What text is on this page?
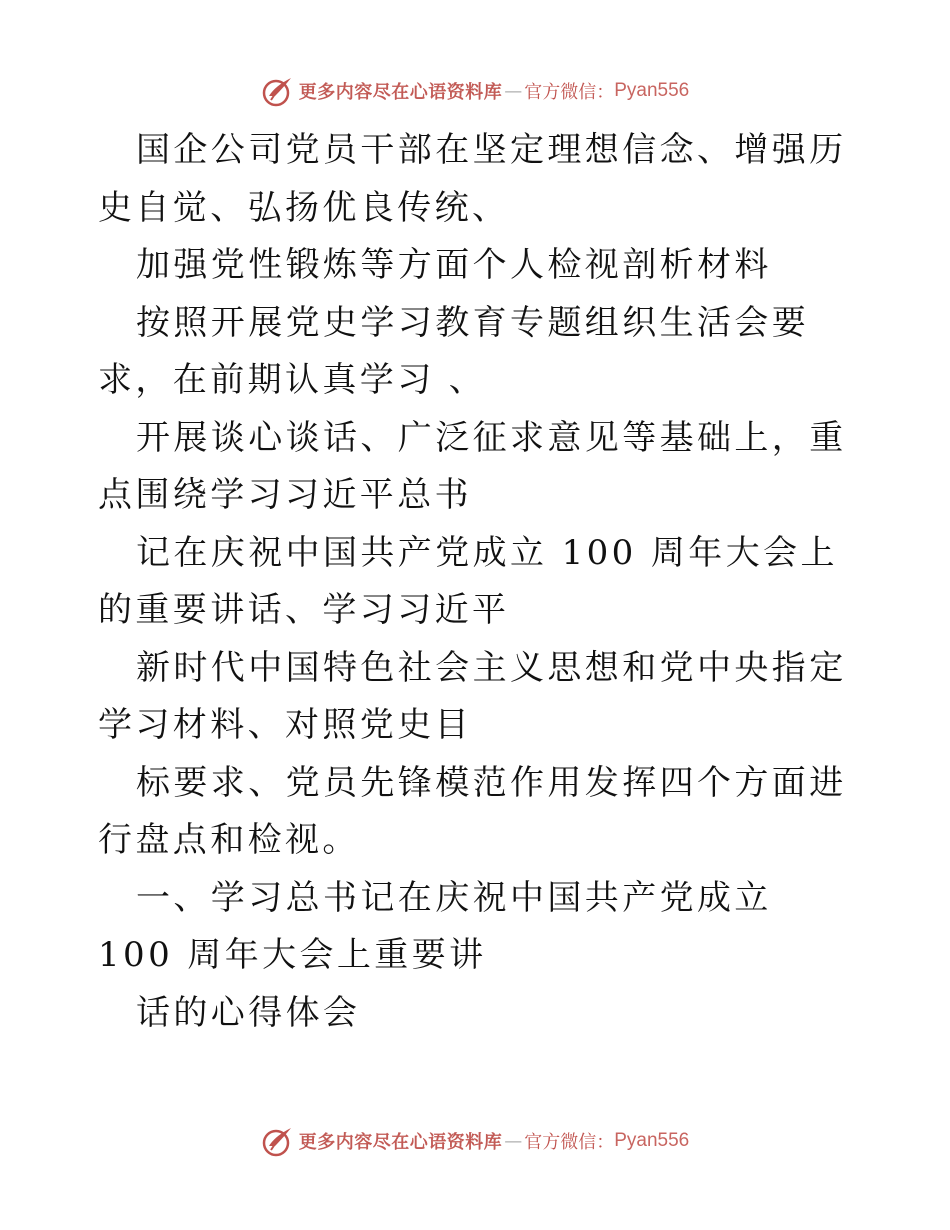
更多内容尽在心语资料库 — 官方微信： Pyan556

国企公司党员干部在坚定理想信念、增强历史自觉、弘扬优良传统、

加强党性锻炼等方面个人检视剖析材料

按照开展党史学习教育专题组织生活会要求，在前期认真学习 、

开展谈心谈话、广泛征求意见等基础上，重点围绕学习习近平总书

记在庆祝中国共产党成立 100 周年大会上的重要讲话、学习习近平

新时代中国特色社会主义思想和党中央指定学习材料、对照党史目

标要求、党员先锋模范作用发挥四个方面进行盘点和检视。

一、学习总书记在庆祝中国共产党成立 100 周年大会上重要讲

话的心得体会

更多内容尽在心语资料库 — 官方微信： Pyan556
